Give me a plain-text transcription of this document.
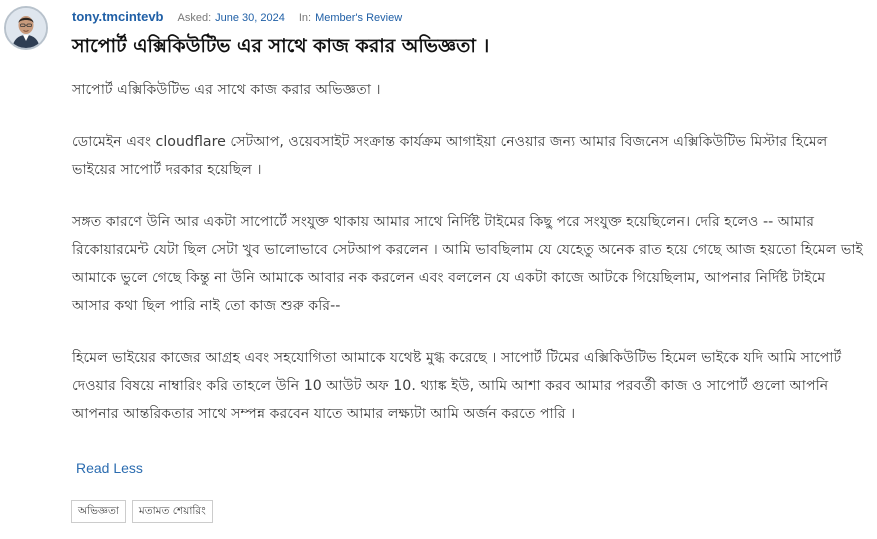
tony.tmcintevb Asked: June 30, 2024 In: Member's Review
সাপোর্ট এক্সিকিউটিভ এর সাথে কাজ করার অভিজ্ঞতা ।

সাপোর্ট এক্সিকিউটিভ এর সাথে কাজ করার অভিজ্ঞতা ।

ডোমেইন এবং cloudflare সেটআপ, ওয়েবসাইট সংক্রান্ত কার্যক্রম আগাইয়া নেওয়ার জন্য আমার বিজনেস এক্সিকিউটিভ মিস্টার হিমেল ভাইয়ের সাপোর্ট দরকার হয়েছিল ।

সঙ্গত কারণে উনি আর একটা সাপোর্টে সংযুক্ত থাকায় আমার সাথে নির্দিষ্ট টাইমের কিছু পরে সংযুক্ত হয়েছিলেন। দেরি হলেও -- আমার রিকোয়ারমেন্ট যেটা ছিল সেটা খুব ভালোভাবে সেটআপ করলেন । আমি ভাবছিলাম যে যেহেতু অনেক রাত হয়ে গেছে আজ হয়তো হিমেল ভাই আমাকে ভুলে গেছে কিন্তু না উনি আমাকে আবার নক করলেন এবং বললেন যে একটা কাজে আটকে গিয়েছিলাম, আপনার নির্দিষ্ট টাইমে আসার কথা ছিল পারি নাই তো কাজ শুরু করি--

হিমেল ভাইয়ের কাজের আগ্রহ এবং সহযোগিতা আমাকে যথেষ্ট মুগ্ধ করেছে । সাপোর্ট টিমের এক্সিকিউটিভ হিমেল ভাইকে যদি আমি সাপোর্ট দেওয়ার বিষয়ে নাম্বারিং করি তাহলে উনি 10 আউট অফ 10. থ্যাঙ্ক ইউ, আমি আশা করব আমার পরবর্তী কাজ ও সাপোর্ট গুলো আপনি আপনার আন্তরিকতার সাথে সম্পন্ন করবেন যাতে আমার লক্ষ্যটা আমি অর্জন করতে পারি ।

Read Less
অভিজ্ঞতা	মতামত শেয়ারিং
